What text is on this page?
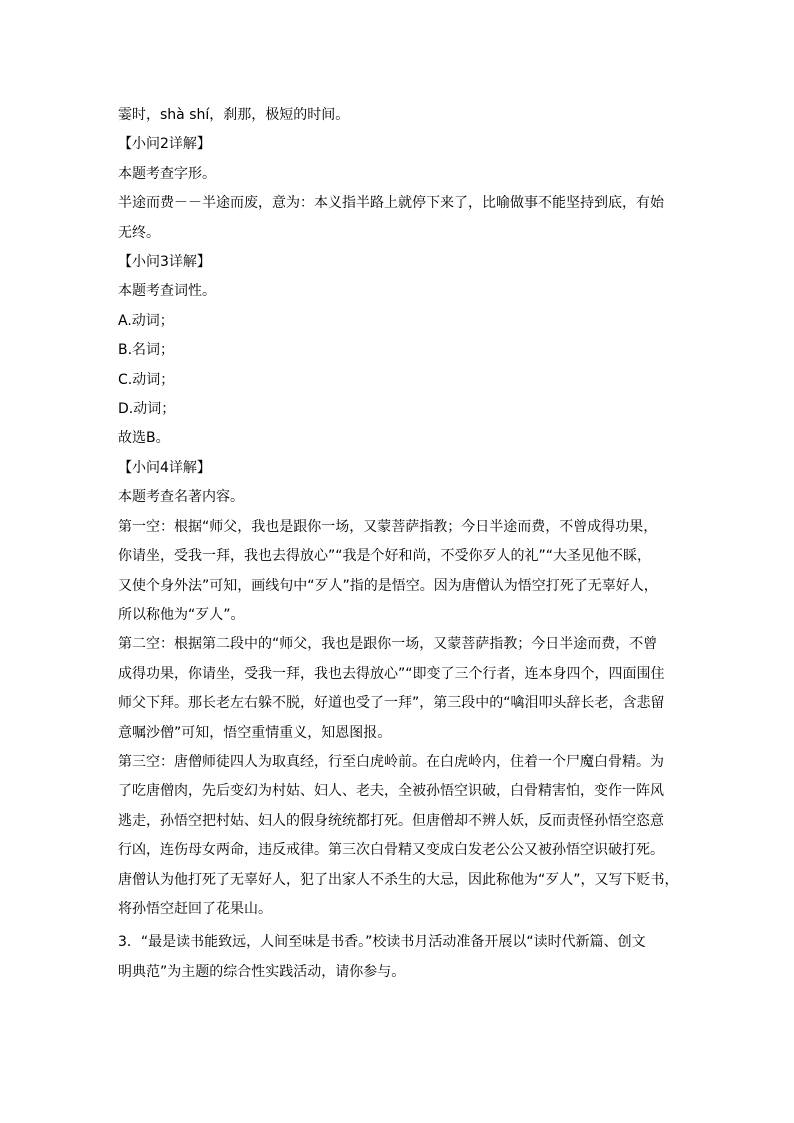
霎时，shà shí，刹那，极短的时间。

【小问2详解】

本题考查字形。

半途而费－－半途而废，意为：本义指半路上就停下来了，比喻做事不能坚持到底，有始

无终。

【小问3详解】

本题考查词性。

A.动词；

B.名词；

C.动词；

D.动词；

故选B。

【小问4详解】

本题考查名著内容。

第一空：根据“师父，我也是跟你一场，又蒙菩萨指教；今日半途而费，不曾成得功果，

你请坐，受我一拜，我也去得放心”“我是个好和尚，不受你歹人的礼”“大圣见他不睬，

又使个身外法”可知，画线句中“歹人”指的是悟空。因为唐僧认为悟空打死了无辜好人，

所以称他为“歹人”。

第二空：根据第二段中的“师父，我也是跟你一场，又蒙菩萨指教；今日半途而费，不曾

成得功果，你请坐，受我一拜，我也去得放心”“即变了三个行者，连本身四个，四面围住

师父下拜。那长老左右躲不脱，好道也受了一拜”，第三段中的“噙泪叩头辞长老，含悲留

意嘱沙僧”可知，悟空重情重义，知恩图报。

第三空：唐僧师徒四人为取真经，行至白虎岭前。在白虎岭内，住着一个尸魔白骨精。为

了吃唐僧肉，先后变幻为村姑、妇人、老夫，全被孙悟空识破，白骨精害怕，变作一阵风

逃走，孙悟空把村姑、妇人的假身统统都打死。但唐僧却不辨人妖，反而责怪孙悟空恣意

行凶，连伤母女两命，违反戒律。第三次白骨精又变成白发老公公又被孙悟空识破打死。

唐僧认为他打死了无辜好人，犯了出家人不杀生的大忌，因此称他为“歹人”，又写下贬书，

将孙悟空赶回了花果山。

3．“最是读书能致远，人间至味是书香。”校读书月活动准备开展以“读时代新篇、创文

明典范”为主题的综合性实践活动，请你参与。
